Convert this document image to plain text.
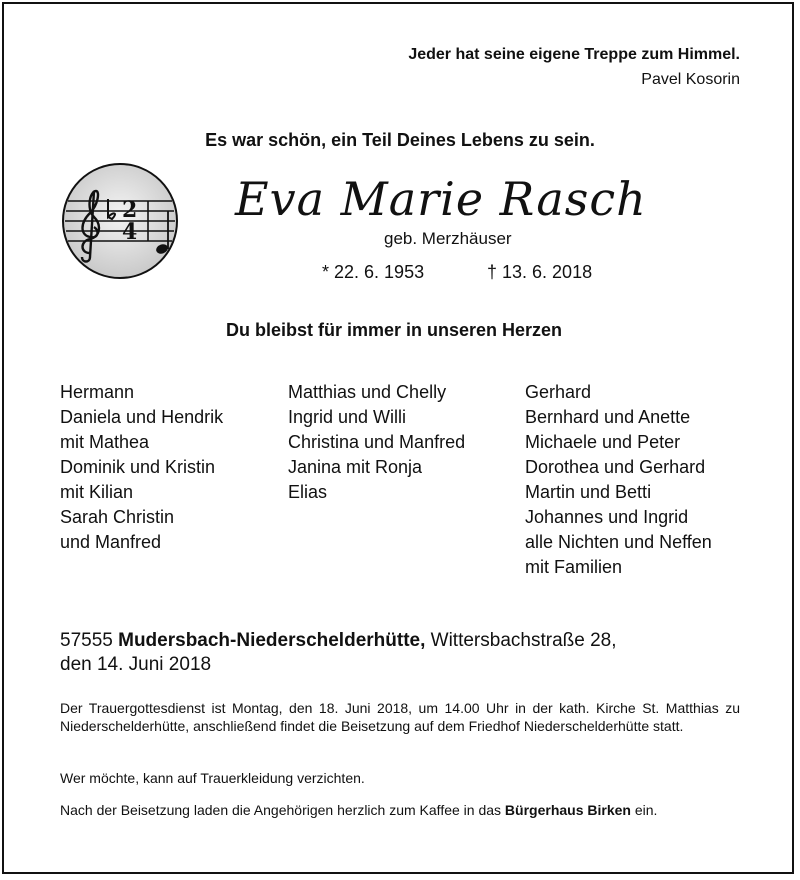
Jeder hat seine eigene Treppe zum Himmel.
Pavel Kosorin
Es war schön, ein Teil Deines Lebens zu sein.
2
4
Eva Marie Rasch
geb. Merzhäuser
* 22. 6. 1953	† 13. 6. 2018
Du bleibst für immer in unseren Herzen
Hermann
Daniela und Hendrik
mit Mathea
Dominik und Kristin
mit Kilian
Sarah Christin
und Manfred
Matthias und Chelly
Ingrid und Willi
Christina und Manfred
Janina mit Ronja
Elias
Gerhard
Bernhard und Anette
Michaele und Peter
Dorothea und Gerhard
Martin und Betti
Johannes und Ingrid
alle Nichten und Neffen
mit Familien
57555 Mudersbach-Niederschelderhütte, Wittersbachstraße 28,
den 14. Juni 2018
Der Trauergottesdienst ist Montag, den 18. Juni 2018, um 14.00 Uhr in der kath. Kirche St. Matthias zu Niederschelderhütte, anschließend findet die Beisetzung auf dem Friedhof Niederschelderhütte statt.
Wer möchte, kann auf Trauerkleidung verzichten.
Nach der Beisetzung laden die Angehörigen herzlich zum Kaffee in das Bürgerhaus Birken ein.
